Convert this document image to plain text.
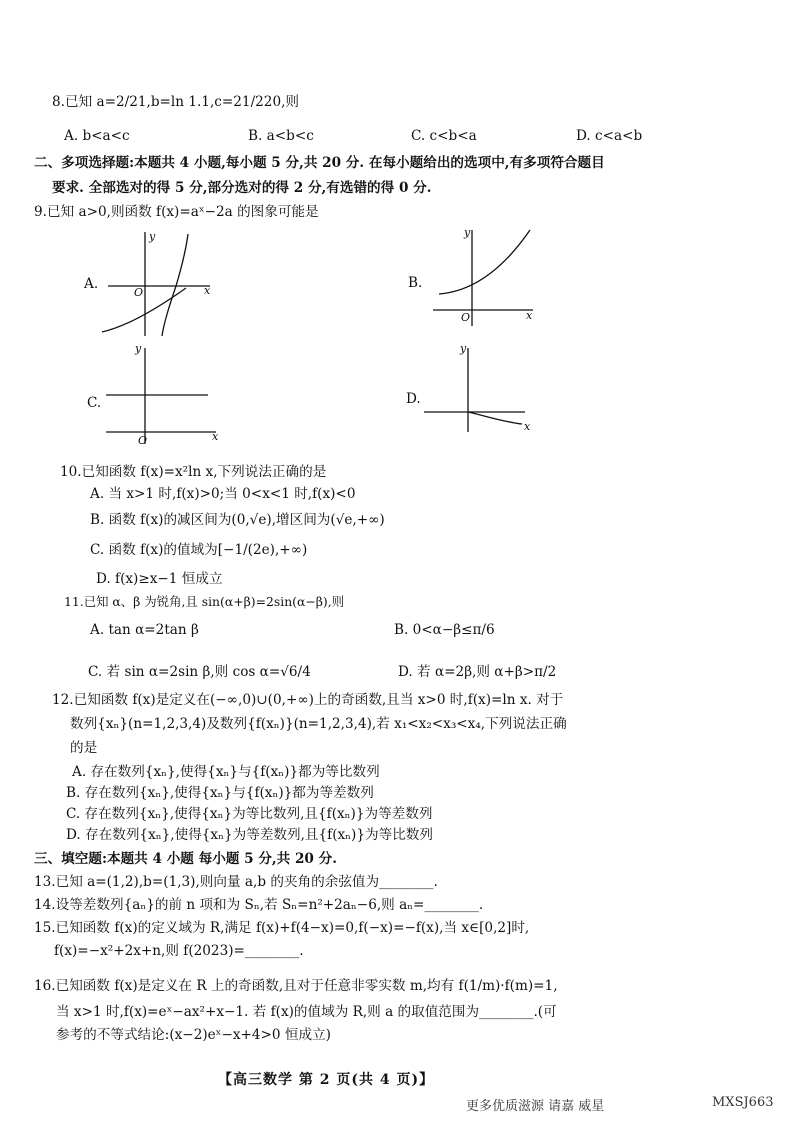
8.已知 a=2/21,b=ln 1.1,c=21/220,则
A. b<a<c	B. a<b<c	C. c<b<a	D. c<a<b
二、多项选择题:本题共 4 小题,每小题 5 分,共 20 分. 在每小题给出的选项中,有多项符合题目
要求. 全部选对的得 5 分,部分选对的得 2 分,有选错的得 0 分.
9.已知 a>0,则函数 f(x)=aˣ−2a 的图象可能是
A.
y
x
O
B.
y
x
O
C.
y
x
O
D.
y
x
10.已知函数 f(x)=x²ln x,下列说法正确的是
A. 当 x>1 时,f(x)>0;当 0<x<1 时,f(x)<0
B. 函数 f(x)的减区间为(0,√e),增区间为(√e,+∞)
C. 函数 f(x)的值域为[−1/(2e),+∞)
D. f(x)≥x−1 恒成立
11.已知 α、β 为锐角,且 sin(α+β)=2sin(α−β),则
A. tan α=2tan β	B. 0<α−β≤π/6
C. 若 sin α=2sin β,则 cos α=√6/4	D. 若 α=2β,则 α+β>π/2
12.已知函数 f(x)是定义在(−∞,0)∪(0,+∞)上的奇函数,且当 x>0 时,f(x)=ln x. 对于
数列{xₙ}(n=1,2,3,4)及数列{f(xₙ)}(n=1,2,3,4),若 x₁<x₂<x₃<x₄,下列说法正确
的是
A. 存在数列{xₙ},使得{xₙ}与{f(xₙ)}都为等比数列
B. 存在数列{xₙ},使得{xₙ}与{f(xₙ)}都为等差数列
C. 存在数列{xₙ},使得{xₙ}为等比数列,且{f(xₙ)}为等差数列
D. 存在数列{xₙ},使得{xₙ}为等差数列,且{f(xₙ)}为等比数列
三、填空题:本题共 4 小题 每小题 5 分,共 20 分.
13.已知 a=(1,2),b=(1,3),则向量 a,b 的夹角的余弦值为________.
14.设等差数列{aₙ}的前 n 项和为 Sₙ,若 Sₙ=n²+2aₙ−6,则 aₙ=________.
15.已知函数 f(x)的定义域为 R,满足 f(x)+f(4−x)=0,f(−x)=−f(x),当 x∈[0,2]时,
f(x)=−x²+2x+n,则 f(2023)=________.
16.已知函数 f(x)是定义在 R 上的奇函数,且对于任意非零实数 m,均有 f(1/m)·f(m)=1,
当 x>1 时,f(x)=eˣ−ax²+x−1. 若 f(x)的值域为 R,则 a 的取值范围为________.(可
参考的不等式结论:(x−2)eˣ−x+4>0 恒成立)
【高三数学 第 2 页(共 4 页)】
更多优质滋源 请嘉 威星	MXSJ663
